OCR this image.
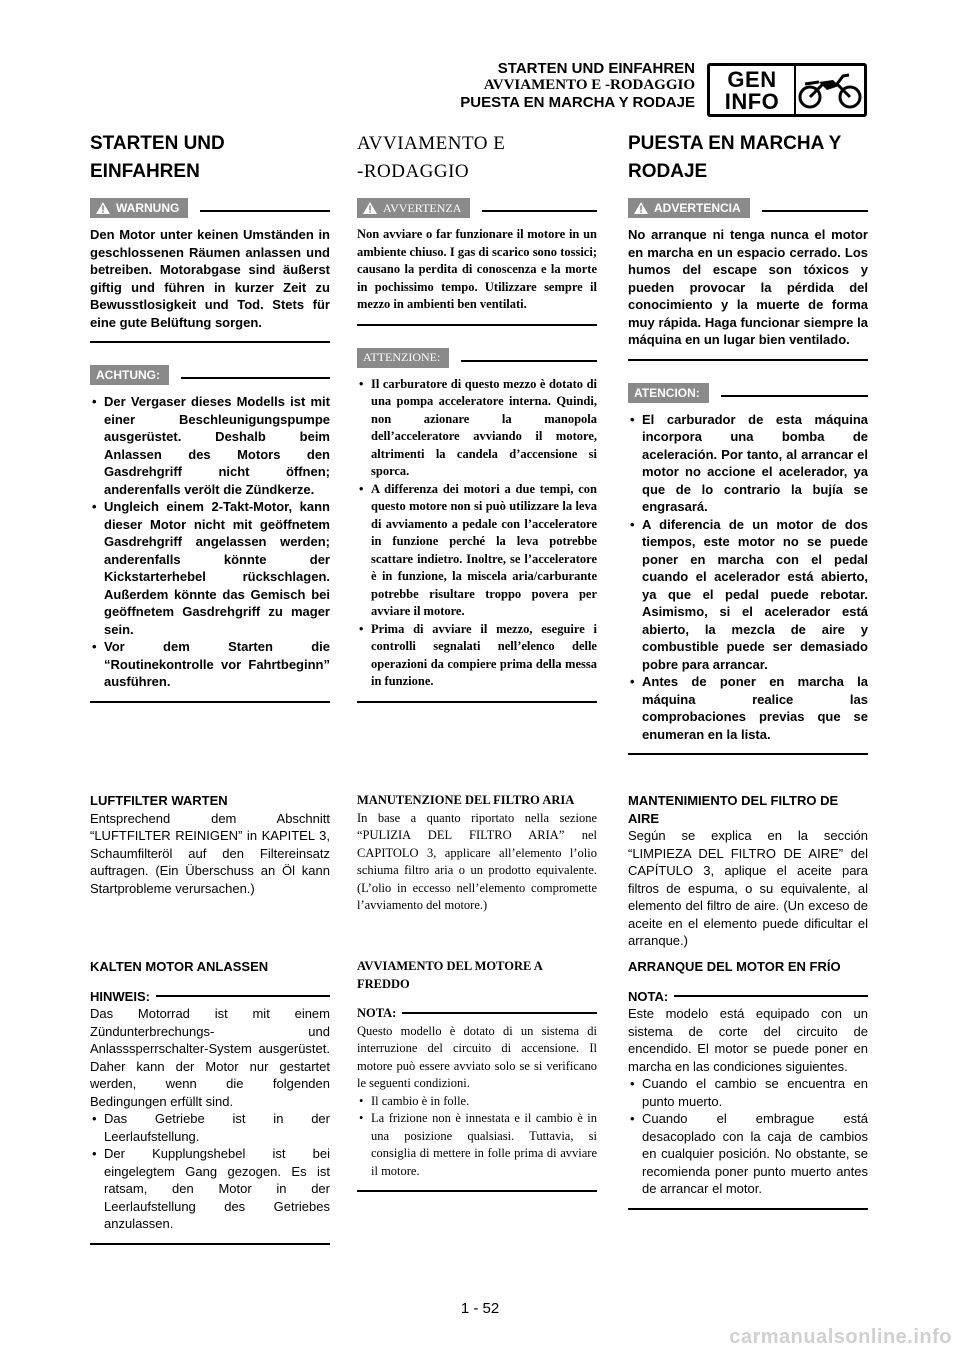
STARTEN UND EINFAHREN
AVVIAMENTO E -RODAGGIO
PUESTA EN MARCHA Y RODAJE
GEN
INFO
STARTEN UND
EINFAHREN
WARNUNG
Den Motor unter keinen Umständen in geschlossenen Räumen anlassen und betreiben. Motorabgase sind äußerst giftig und führen in kurzer Zeit zu Bewusstlosigkeit und Tod. Stets für eine gute Belüftung sorgen.
ACHTUNG:
• Der Vergaser dieses Modells ist mit einer Beschleunigungspumpe ausgerüstet. Deshalb beim Anlassen des Motors den Gasdrehgriff nicht öffnen; anderenfalls verölt die Zündkerze.
• Ungleich einem 2-Takt-Motor, kann dieser Motor nicht mit geöffnetem Gasdrehgriff angelassen werden; anderenfalls könnte der Kickstarterhebel rückschlagen. Außerdem könnte das Gemisch bei geöffnetem Gasdrehgriff zu mager sein.
• Vor dem Starten die “Routinekontrolle vor Fahrtbeginn” ausführen.
AVVIAMENTO E
-RODAGGIO
AVVERTENZA
Non avviare o far funzionare il motore in un ambiente chiuso. I gas di scarico sono tossici; causano la perdita di conoscenza e la morte in pochissimo tempo. Utilizzare sempre il mezzo in ambienti ben ventilati.
ATTENZIONE:
• Il carburatore di questo mezzo è dotato di una pompa acceleratore interna. Quindi, non azionare la manopola dell’acceleratore avviando il motore, altrimenti la candela d’accensione si sporca.
• A differenza dei motori a due tempi, con questo motore non si può utilizzare la leva di avviamento a pedale con l’acceleratore in funzione perché la leva potrebbe scattare indietro. Inoltre, se l’acceleratore è in funzione, la miscela aria/carburante potrebbe risultare troppo povera per avviare il motore.
• Prima di avviare il mezzo, eseguire i controlli segnalati nell’elenco delle operazioni da compiere prima della messa in funzione.
PUESTA EN MARCHA Y
RODAJE
ADVERTENCIA
No arranque ni tenga nunca el motor en marcha en un espacio cerrado. Los humos del escape son tóxicos y pueden provocar la pérdida del conocimiento y la muerte de forma muy rápida. Haga funcionar siempre la máquina en un lugar bien ventilado.
ATENCION:
• El carburador de esta máquina incorpora una bomba de aceleración. Por tanto, al arrancar el motor no accione el acelerador, ya que de lo contrario la bujía se engrasará.
• A diferencia de un motor de dos tiempos, este motor no se puede poner en marcha con el pedal cuando el acelerador está abierto, ya que el pedal puede rebotar. Asimismo, si el acelerador está abierto, la mezcla de aire y combustible puede ser demasiado pobre para arrancar.
• Antes de poner en marcha la máquina realice las comprobaciones previas que se enumeran en la lista.
LUFTFILTER WARTEN

Entsprechend dem Abschnitt “LUFTFILTER REINIGEN” in KAPITEL 3, Schaumfilteröl auf den Filtereinsatz auftragen. (Ein Überschuss an Öl kann Startprobleme verursachen.)

MANUTENZIONE DEL FILTRO ARIA

In base a quanto riportato nella sezione “PULIZIA DEL FILTRO ARIA” nel CAPITOLO 3, applicare all’elemento l’olio schiuma filtro aria o un prodotto equivalente. (L’olio in eccesso nell’elemento compromette l’avviamento del motore.)

MANTENIMIENTO DEL FILTRO DE AIRE

Según se explica en la sección “LIMPIEZA DEL FILTRO DE AIRE” del CAPÍTULO 3, aplique el aceite para filtros de espuma, o su equivalente, al elemento del filtro de aire. (Un exceso de aceite en el elemento puede dificultar el arranque.)

KALTEN MOTOR ANLASSEN
HINWEIS:

Das Motorrad ist mit einem Zündunterbrechungs- und Anlasssperrschalter-System ausgerüstet. Daher kann der Motor nur gestartet werden, wenn die folgenden Bedingungen erfüllt sind.

• Das Getriebe ist in der Leerlaufstellung.
• Der Kupplungshebel ist bei eingelegtem Gang gezogen. Es ist ratsam, den Motor in der Leerlaufstellung des Getriebes anzulassen.
AVVIAMENTO DEL MOTORE A FREDDO
NOTA:

Questo modello è dotato di un sistema di interruzione del circuito di accensione. Il motore può essere avviato solo se si verificano le seguenti condizioni.

• Il cambio è in folle.
• La frizione non è innestata e il cambio è in una posizione qualsiasi. Tuttavia, si consiglia di mettere in folle prima di avviare il motore.
ARRANQUE DEL MOTOR EN FRÍO
NOTA:

Este modelo está equipado con un sistema de corte del circuito de encendido. El motor se puede poner en marcha en las condiciones siguientes.

• Cuando el cambio se encuentra en punto muerto.
• Cuando el embrague está desacoplado con la caja de cambios en cualquier posición. No obstante, se recomienda poner punto muerto antes de arrancar el motor.
1 - 52
carmanualsonline.info
